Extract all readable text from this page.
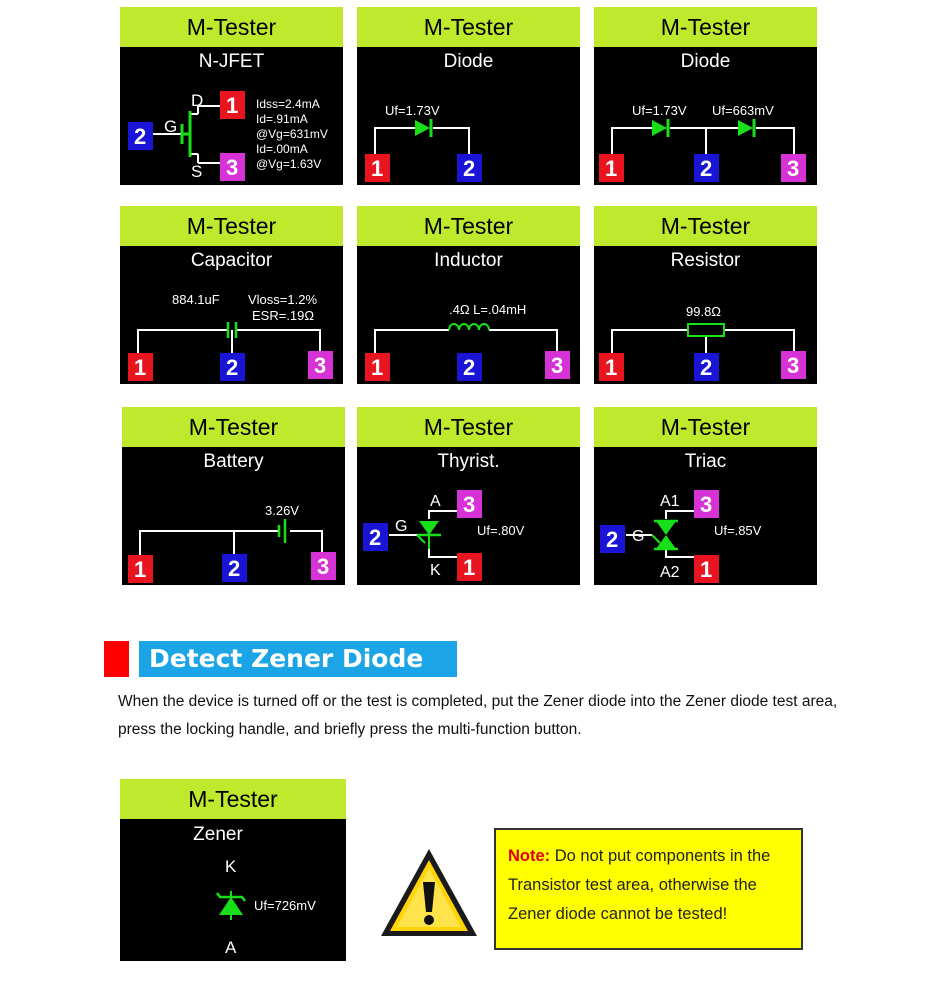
M-Tester
N-JFET
2 G
D
S
1
3
Idss=2.4mA
Id=.91mA
@Vg=631mV
Id=.00mA
@Vg=1.63V
M-Tester
Diode
Uf=1.73V
1	2
M-Tester
Diode
Uf=1.73V Uf=663mV
1	2	3
M-Tester
Capacitor
884.1uF Vloss=1.2%
ESR=.19Ω
1	2	3
M-Tester
Inductor
.4Ω L=.04mH
1	2	3
M-Tester
Resistor
99.8Ω
1	2	3
M-Tester
Battery
3.26V
1	2	3
M-Tester
Thyrist.
A
G
K
Uf=.80V
3
2
1
M-Tester
Triac
A1
G
A2
Uf=.85V
3
2
1
Detect Zener Diode
When the device is turned off or the test is completed, put the Zener diode into the Zener diode test area, press the locking handle, and briefly press the multi-function button.
M-Tester
Zener
K
A
Uf=726mV
Note: Do not put components in the Transistor test area, otherwise the Zener diode cannot be tested!
